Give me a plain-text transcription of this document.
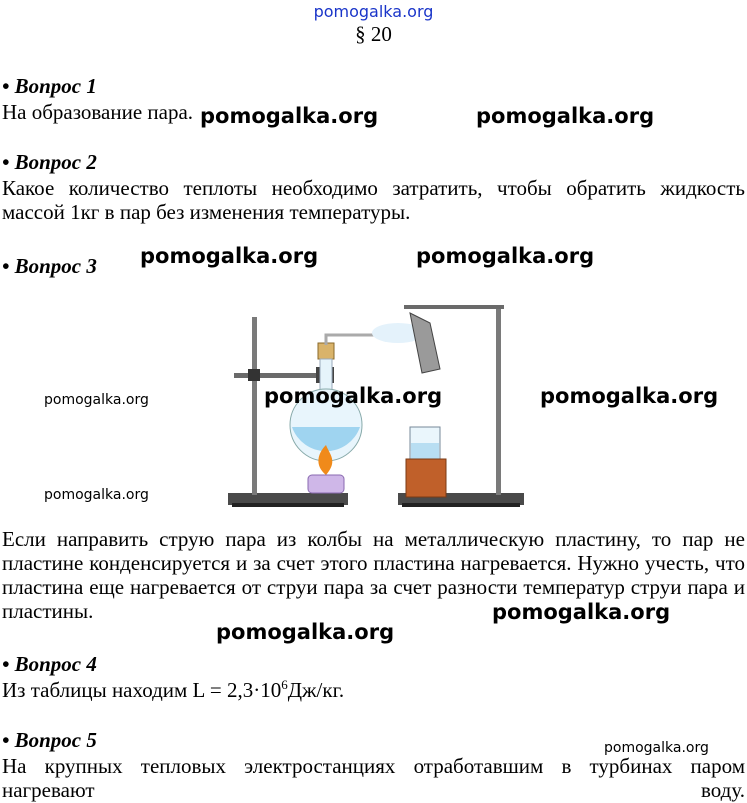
pomogalka.org
§ 20
• Вопрос 1
На образование пара.
• Вопрос 2
Какое количество теплоты необходимо затратить, чтобы обратить жидкость массой 1кг в пар без изменения температуры.
• Вопрос 3
Если направить струю пара из колбы на металлическую пластину, то пар не пластине конденсируется и за счет этого пластина нагревается. Нужно учесть, что пластина еще нагревается от струи пара за счет разности температур струи пара и пластины.
• Вопрос 4
Из таблицы находим $L = 2,3\cdot 10^6Дж/кг$.
• Вопрос 5
На крупных тепловых электростанциях отработавшим в турбинах паром нагревают воду.
pomogalka.org	pomogalka.org
pomogalka.org	pomogalka.org
pomogalka.org	pomogalka.org	pomogalka.org
pomogalka.org
pomogalka.org
pomogalka.org
pomogalka.org
